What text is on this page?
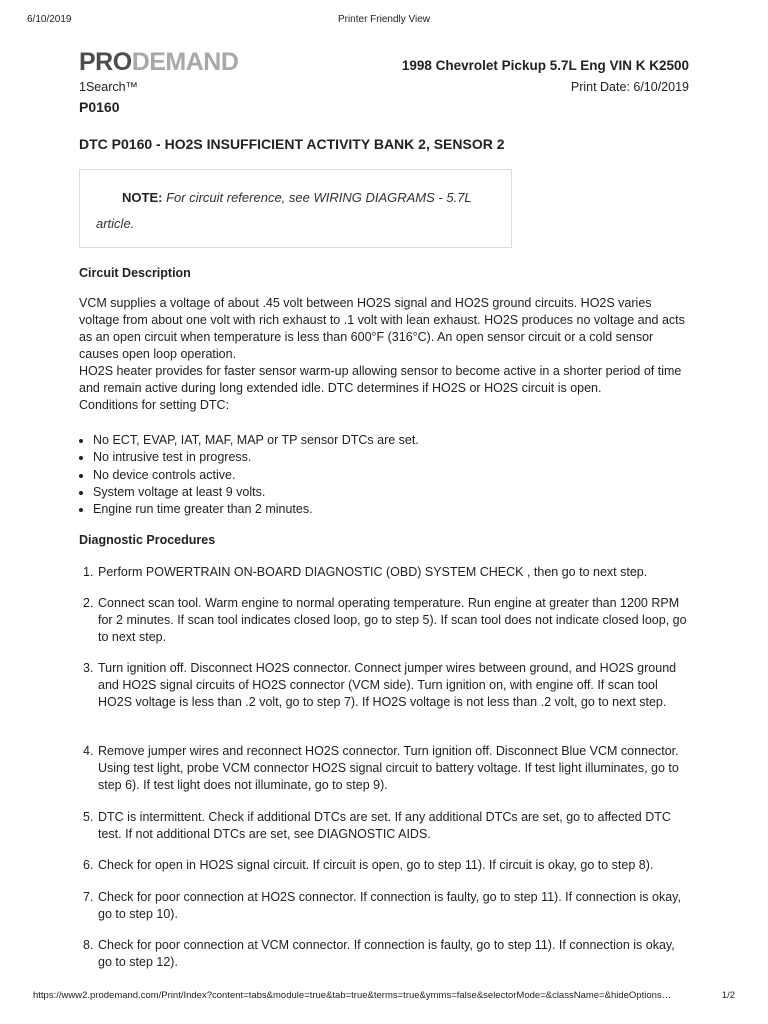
6/10/2019	Printer Friendly View
PRODEMAND	1998 Chevrolet Pickup 5.7L Eng VIN K K2500
1Search™	Print Date: 6/10/2019
P0160
DTC P0160 - HO2S INSUFFICIENT ACTIVITY BANK 2, SENSOR 2
NOTE: For circuit reference, see WIRING DIAGRAMS - 5.7L article.
Circuit Description

VCM supplies a voltage of about .45 volt between HO2S signal and HO2S ground circuits. HO2S varies voltage from about one volt with rich exhaust to .1 volt with lean exhaust. HO2S produces no voltage and acts as an open circuit when temperature is less than 600°F (316°C). An open sensor circuit or a cold sensor causes open loop operation.

HO2S heater provides for faster sensor warm-up allowing sensor to become active in a shorter period of time and remain active during long extended idle. DTC determines if HO2S or HO2S circuit is open.

Conditions for setting DTC:

• No ECT, EVAP, IAT, MAF, MAP or TP sensor DTCs are set.
• No intrusive test in progress.
• No device controls active.
• System voltage at least 9 volts.
• Engine run time greater than 2 minutes.
Diagnostic Procedures
1. Perform POWERTRAIN ON-BOARD DIAGNOSTIC (OBD) SYSTEM CHECK , then go to next step.
2. Connect scan tool. Warm engine to normal operating temperature. Run engine at greater than 1200 RPM for 2 minutes. If scan tool indicates closed loop, go to step 5). If scan tool does not indicate closed loop, go to next step.
3. Turn ignition off. Disconnect HO2S connector. Connect jumper wires between ground, and HO2S ground and HO2S signal circuits of HO2S connector (VCM side). Turn ignition on, with engine off. If scan tool HO2S voltage is less than .2 volt, go to step 7). If HO2S voltage is not less than .2 volt, go to next step.
4. Remove jumper wires and reconnect HO2S connector. Turn ignition off. Disconnect Blue VCM connector. Using test light, probe VCM connector HO2S signal circuit to battery voltage. If test light illuminates, go to step 6). If test light does not illuminate, go to step 9).
5. DTC is intermittent. Check if additional DTCs are set. If any additional DTCs are set, go to affected DTC test. If not additional DTCs are set, see DIAGNOSTIC AIDS.
6. Check for open in HO2S signal circuit. If circuit is open, go to step 11). If circuit is okay, go to step 8).
7. Check for poor connection at HO2S connector. If connection is faulty, go to step 11). If connection is okay, go to step 10).
8. Check for poor connection at VCM connector. If connection is faulty, go to step 11). If connection is okay, go to step 12).
https://www2.prodemand.com/Print/Index?content=tabs&module=true&tab=true&terms=true&ymms=false&selectorMode=&className=&hideOptions…	1/2
